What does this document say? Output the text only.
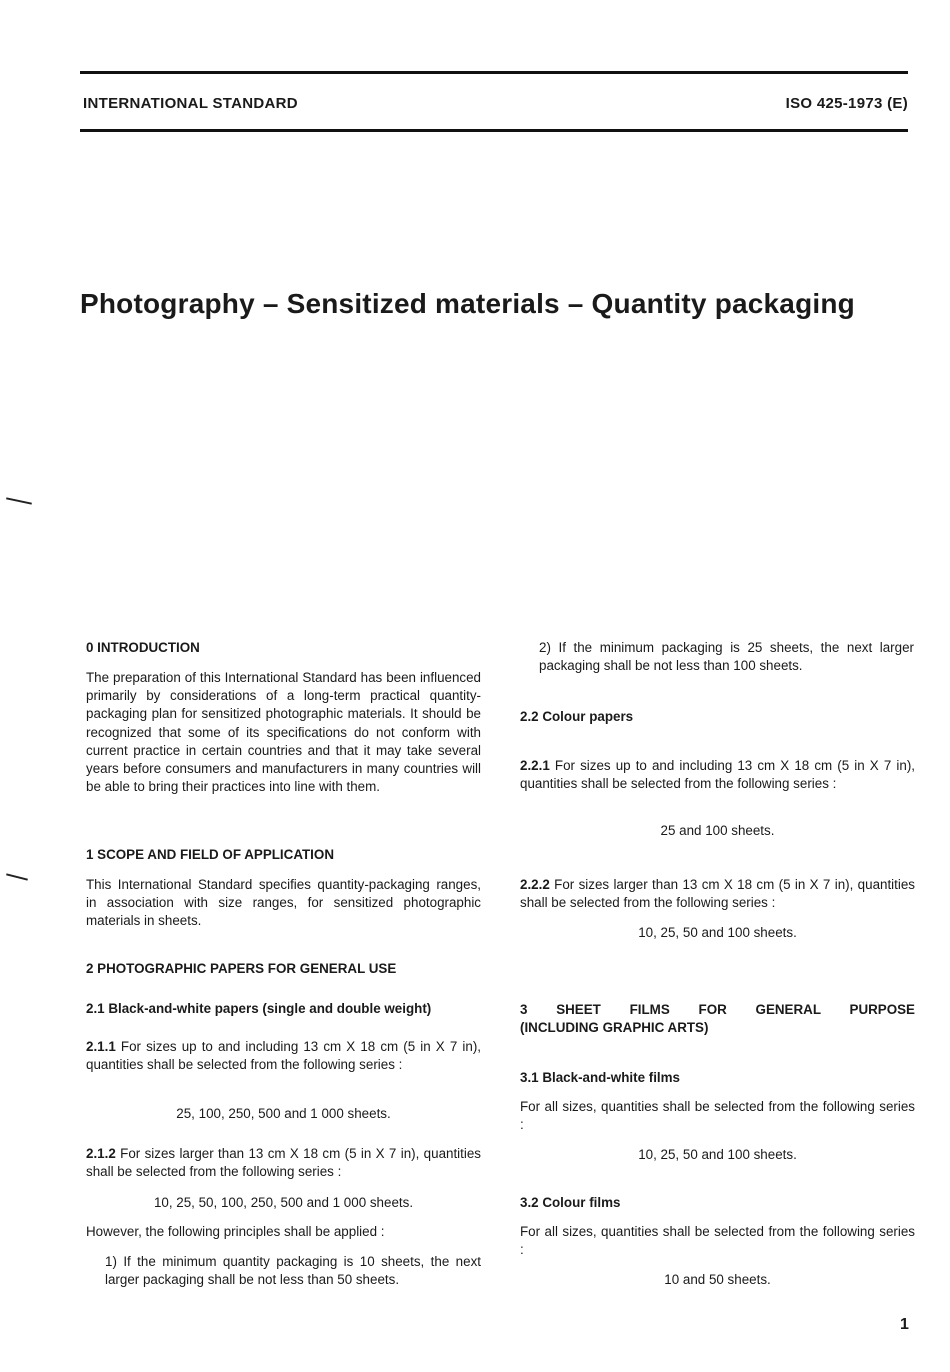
INTERNATIONAL STANDARD	ISO 425-1973 (E)
Photography – Sensitized materials – Quantity packaging
0 INTRODUCTION
The preparation of this International Standard has been influenced primarily by considerations of a long-term practical quantity-packaging plan for sensitized photographic materials. It should be recognized that some of its specifications do not conform with current practice in certain countries and that it may take several years before consumers and manufacturers in many countries will be able to bring their practices into line with them.
1 SCOPE AND FIELD OF APPLICATION
This International Standard specifies quantity-packaging ranges, in association with size ranges, for sensitized photographic materials in sheets.
2 PHOTOGRAPHIC PAPERS FOR GENERAL USE
2.1 Black-and-white papers (single and double weight)
2.1.1 For sizes up to and including 13 cm X 18 cm (5 in X 7 in), quantities shall be selected from the following series :
25, 100, 250, 500 and 1 000 sheets.
2.1.2 For sizes larger than 13 cm X 18 cm (5 in X 7 in), quantities shall be selected from the following series :
10, 25, 50, 100, 250, 500 and 1 000 sheets.
However, the following principles shall be applied :
1) If the minimum quantity packaging is 10 sheets, the next larger packaging shall be not less than 50 sheets.
2) If the minimum packaging is 25 sheets, the next larger packaging shall be not less than 100 sheets.
2.2 Colour papers
2.2.1 For sizes up to and including 13 cm X 18 cm (5 in X 7 in), quantities shall be selected from the following series :
25 and 100 sheets.
2.2.2 For sizes larger than 13 cm X 18 cm (5 in X 7 in), quantities shall be selected from the following series :
10, 25, 50 and 100 sheets.
3 SHEET FILMS FOR GENERAL PURPOSE
(INCLUDING GRAPHIC ARTS)
3.1 Black-and-white films
For all sizes, quantities shall be selected from the following series :
10, 25, 50 and 100 sheets.
3.2 Colour films
For all sizes, quantities shall be selected from the following series :
10 and 50 sheets.
1
